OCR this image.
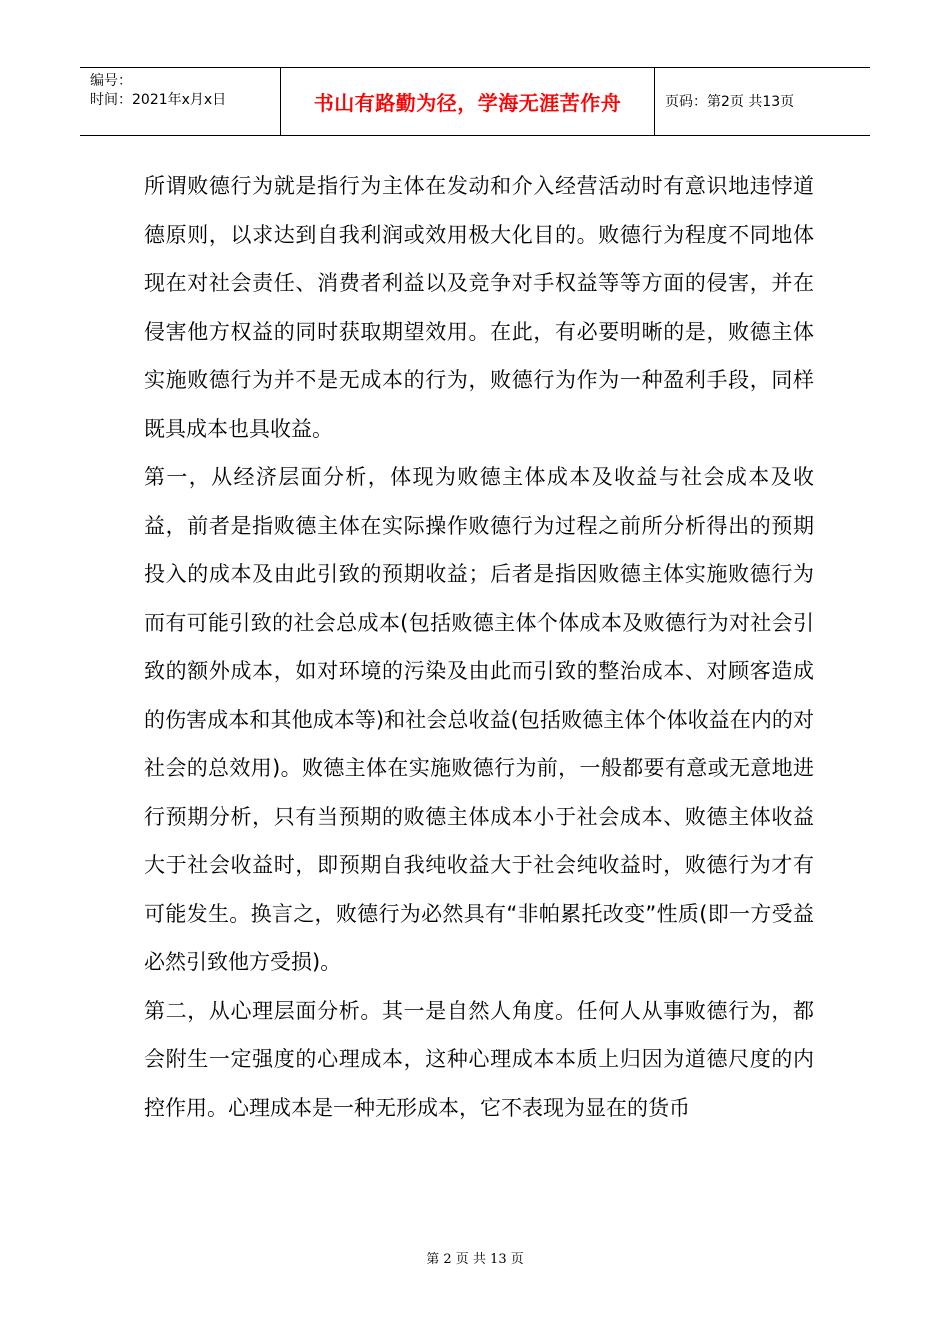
编号：
时间：2021年x月x日	书山有路勤为径，学海无涯苦作舟	页码：第2页 共13页

所谓败德行为就是指行为主体在发动和介入经营活动时有意识地违悖道德原则，以求达到自我利润或效用极大化目的。败德行为程度不同地体现在对社会责任、消费者利益以及竞争对手权益等等方面的侵害，并在侵害他方权益的同时获取期望效用。在此，有必要明晰的是，败德主体实施败德行为并不是无成本的行为，败德行为作为一种盈利手段，同样既具成本也具收益。

第一，从经济层面分析，体现为败德主体成本及收益与社会成本及收益，前者是指败德主体在实际操作败德行为过程之前所分析得出的预期投入的成本及由此引致的预期收益；后者是指因败德主体实施败德行为而有可能引致的社会总成本(包括败德主体个体成本及败德行为对社会引致的额外成本，如对环境的污染及由此而引致的整治成本、对顾客造成的伤害成本和其他成本等)和社会总收益(包括败德主体个体收益在内的对社会的总效用)。败德主体在实施败德行为前，一般都要有意或无意地进行预期分析，只有当预期的败德主体成本小于社会成本、败德主体收益大于社会收益时，即预期自我纯收益大于社会纯收益时，败德行为才有可能发生。换言之，败德行为必然具有“非帕累托改变”性质(即一方受益必然引致他方受损)。

第二，从心理层面分析。其一是自然人角度。任何人从事败德行为，都会附生一定强度的心理成本，这种心理成本本质上归因为道德尺度的内控作用。心理成本是一种无形成本，它不表现为显在的货币

第 2 页 共 13 页
